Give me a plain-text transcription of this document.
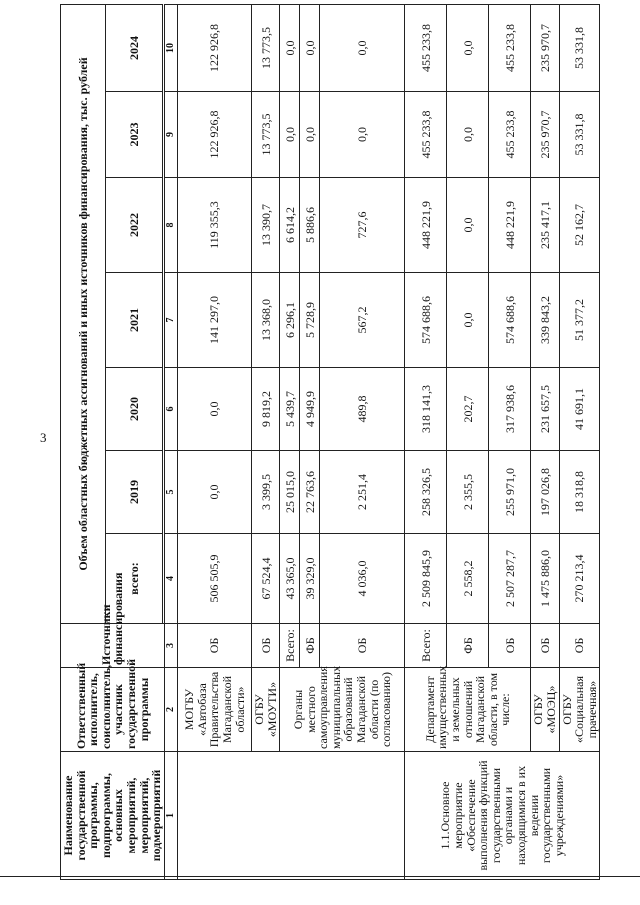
3
Наименование государственной программы, подпрограммы, основных мероприятий, мероприятий, подмероприятий	Ответственный исполнитель, соисполнитель, участник государственной программы	Источники финансирования	Объем областных бюджетных ассигнований и иных источников финансирования, тыс. рублей						
			всего:	2019	2020	2021	2022	2023	2024

1	2	3	4	5	6	7	8	9	10
	МОГБУ «Автобаза Правительства Магаданской области»	ОБ	506 505,9	0,0	0,0	141 297,0	119 355,3	122 926,8	122 926,8
	ОГБУ «МОУТИ»	ОБ	67 524,4	3 399,5	9 819,2	13 368,0	13 390,7	13 773,5	13 773,5
	Органы местного самоуправления муниципальных образований Магаданской области (по согласованию)	Всего:	43 365,0	25 015,0	5 439,7	6 296,1	6 614,2	0,0	0,0
		ФБ	39 329,0	22 763,6	4 949,9	5 728,9	5 886,6	0,0	0,0
		ОБ	4 036,0	2 251,4	489,8	567,2	727,6	0,0	0,0
1.1.Основное мероприятие «Обеспечение выполнения функций государственными органами и находящимися в их ведении государственными учреждениями»	Департамент имущественных и земельных отношений Магаданской области, в том числе:	Всего:	2 509 845,9	258 326,5	318 141,3	574 688,6	448 221,9	455 233,8	455 233,8
		ФБ	2 558,2	2 355,5	202,7	0,0	0,0	0,0	0,0
		ОБ	2 507 287,7	255 971,0	317 938,6	574 688,6	448 221,9	455 233,8	455 233,8
	ОГБУ «МОЭЦ»	ОБ	1 475 886,0	197 026,8	231 657,5	339 843,2	235 417,1	235 970,7	235 970,7
	ОГБУ «Социальная прачечная»	ОБ	270 213,4	18 318,8	41 691,1	51 377,2	52 162,7	53 331,8	53 331,8
